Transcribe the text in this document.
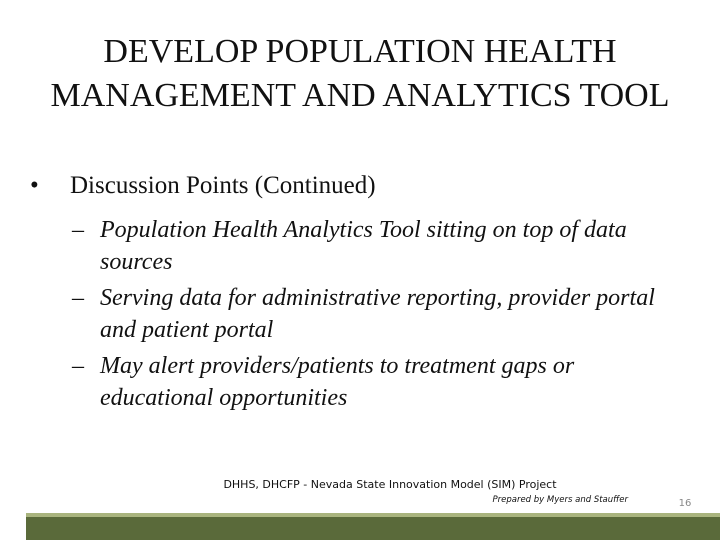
DEVELOP POPULATION HEALTH MANAGEMENT AND ANALYTICS TOOL
•	Discussion Points (Continued)
– Population Health Analytics Tool sitting on top of data sources
– Serving data for administrative reporting, provider portal and patient portal
– May alert providers/patients to treatment gaps or educational opportunities
DHHS, DHCFP - Nevada State Innovation Model (SIM) Project
Prepared by Myers and Stauffer	16
